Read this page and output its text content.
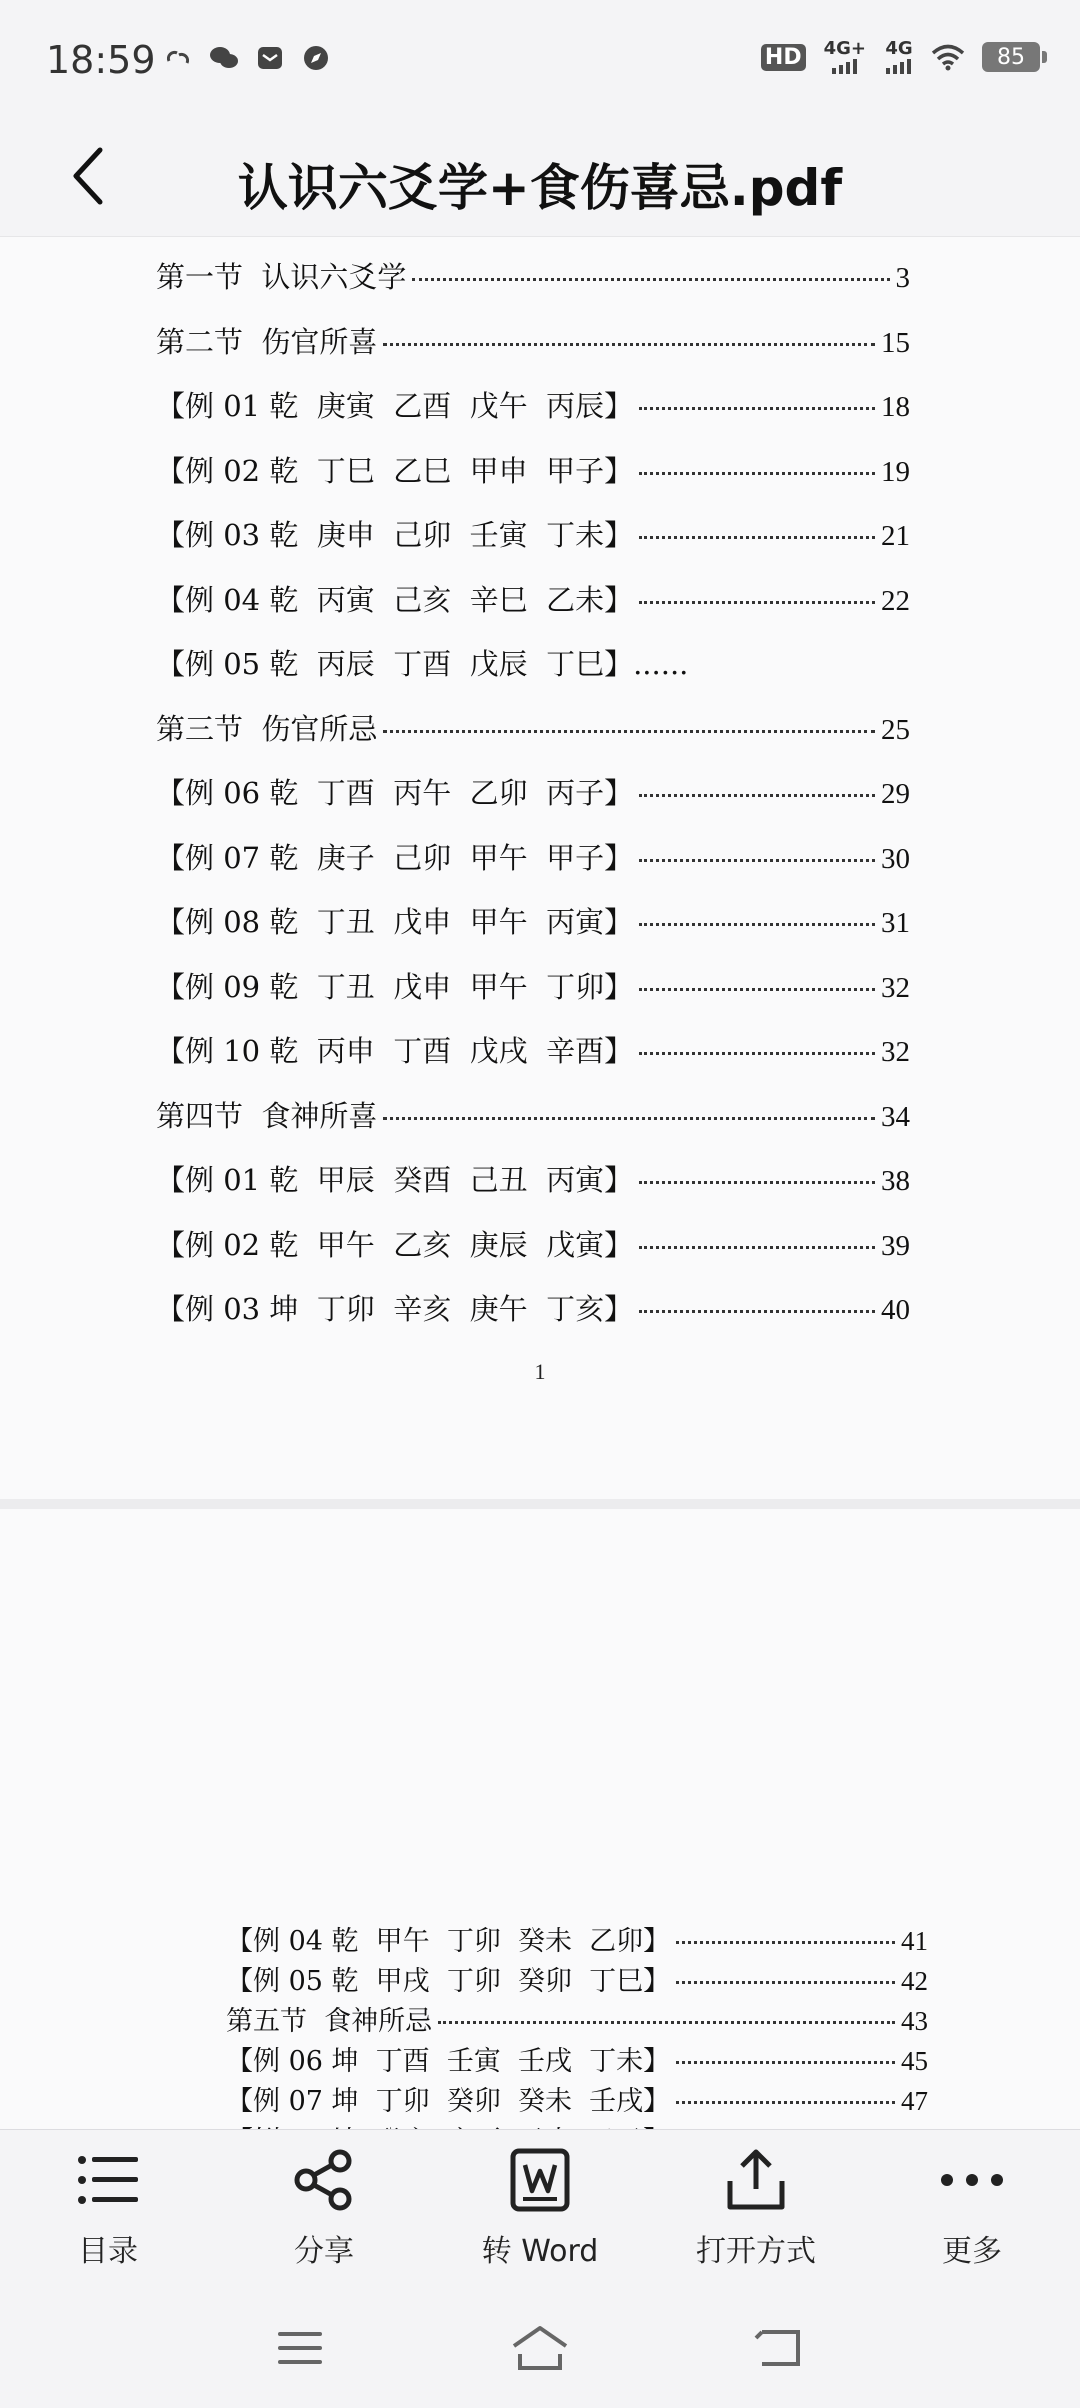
18:59	HD 4G+ 4G	85
认识六爻学+食伤喜忌.pdf
第一节  认识六爻学	3
第二节  伤官所喜	15
【例 01 乾  庚寅  乙酉  戊午  丙辰】	18
【例 02 乾  丁巳  乙巳  甲申  甲子】	19
【例 03 乾  庚申  己卯  壬寅  丁未】	21
【例 04 乾  丙寅  己亥  辛巳  乙未】	22
【例 05 乾  丙辰  丁酉  戊辰  丁巳】......
第三节  伤官所忌	25
【例 06 乾  丁酉  丙午  乙卯  丙子】	29
【例 07 乾  庚子  己卯  甲午  甲子】	30
【例 08 乾  丁丑  戊申  甲午  丙寅】	31
【例 09 乾  丁丑  戊申  甲午  丁卯】	32
【例 10 乾  丙申  丁酉  戊戌  辛酉】	32
第四节  食神所喜	34
【例 01 乾  甲辰  癸酉  己丑  丙寅】	38
【例 02 乾  甲午  乙亥  庚辰  戊寅】	39
【例 03 坤  丁卯  辛亥  庚午  丁亥】	40
1
【例 04 乾  甲午  丁卯  癸未  乙卯】	41
【例 05 乾  甲戌  丁卯  癸卯  丁巳】	42
第五节  食神所忌	43
【例 06 坤  丁酉  壬寅  壬戌  丁未】	45
【例 07 坤  丁卯  癸卯  癸未  壬戌】	47
目录	分享	转 Word	打开方式	更多
